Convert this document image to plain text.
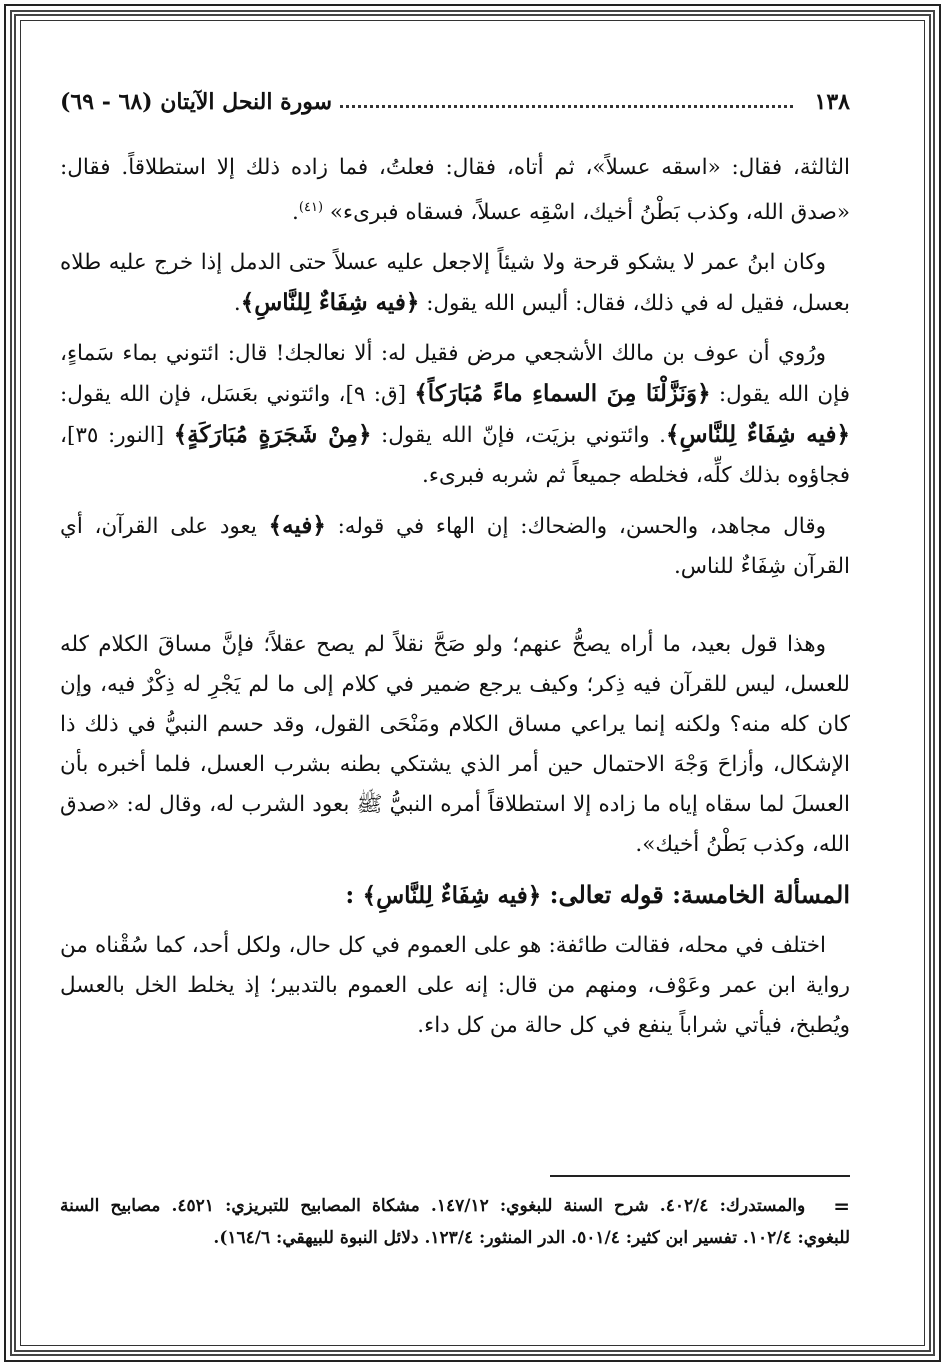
١٣٨
سورة النحل الآيتان (٦٨ - ٦٩)

الثالثة، فقال: «اسقه عسلاً»، ثم أتاه، فقال: فعلتُ، فما زاده ذلك إلا استطلاقاً. فقال: «صدق الله، وكذب بَطْنُ أخيك، اسْقِه عسلاً، فسقاه فبرىء» $^{(٤١)}$.

وكان ابنُ عمر لا يشكو قرحة ولا شيئاً إلاجعل عليه عسلاً حتى الدمل إذا خرج عليه طلاه بعسل، فقيل له في ذلك، فقال: أليس الله يقول: ﴿فيه شِفَاءٌ لِلنَّاسِ﴾.

ورُوي أن عوف بن مالك الأشجعي مرض فقيل له: ألا نعالجك! قال: ائتوني بماء سَماءٍ، فإن الله يقول: ﴿وَنَزَّلْنَا مِنَ السماءِ ماءً مُبَارَكاً﴾ [ق: ٩]، وائتوني بعَسَل، فإن الله يقول: ﴿فيه شِفَاءٌ لِلنَّاسِ﴾. وائتوني بزيَت، فإنّ الله يقول: ﴿مِنْ شَجَرَةٍ مُبَارَكَةٍ﴾ [النور: ٣٥]، فجاؤوه بذلك كلِّه، فخلطه جميعاً ثم شربه فبرىء.

وقال مجاهد، والحسن، والضحاك: إن الهاء في قوله: ﴿فيه﴾ يعود على القرآن، أي القرآن شِفَاءٌ للناس.

وهذا قول بعيد، ما أراه يصحُّ عنهم؛ ولو صَحَّ نقلاً لم يصح عقلاً؛ فإنَّ مساقَ الكلام كله للعسل، ليس للقرآن فيه ذِكر؛ وكيف يرجع ضمير في كلام إلى ما لم يَجْرِ له ذِكْرٌ فيه، وإن كان كله منه؟ ولكنه إنما يراعي مساق الكلام ومَنْحَى القول، وقد حسم النبيُّ في ذلك ذا الإشكال، وأزاحَ وَجْهَ الاحتمال حين أمر الذي يشتكي بطنه بشرب العسل، فلما أخبره بأن العسلَ لما سقاه إياه ما زاده إلا استطلاقاً أمره النبيُّ ﷺ بعود الشرب له، وقال له: «صدق الله، وكذب بَطْنُ أخيك».

المسألة الخامسة: قوله تعالى: ﴿فيه شِفَاءٌ لِلنَّاسِ﴾ :

اختلف في محله، فقالت طائفة: هو على العموم في كل حال، ولكل أحد، كما سُقْناه من رواية ابن عمر وعَوْف، ومنهم من قال: إنه على العموم بالتدبير؛ إذ يخلط الخل بالعسل ويُطبخ، فيأتي شراباً ينفع في كل حالة من كل داء.

=
والمستدرك: ٤٠٢/٤. شرح السنة للبغوي: ١٤٧/١٢. مشكاة المصابيح للتبريزي: ٤٥٢١. مصابيح السنة للبغوي: ١٠٢/٤. تفسير ابن كثير: ٥٠١/٤. الدر المنثور: ١٢٣/٤. دلائل النبوة للبيهقي: ١٦٤/٦).
